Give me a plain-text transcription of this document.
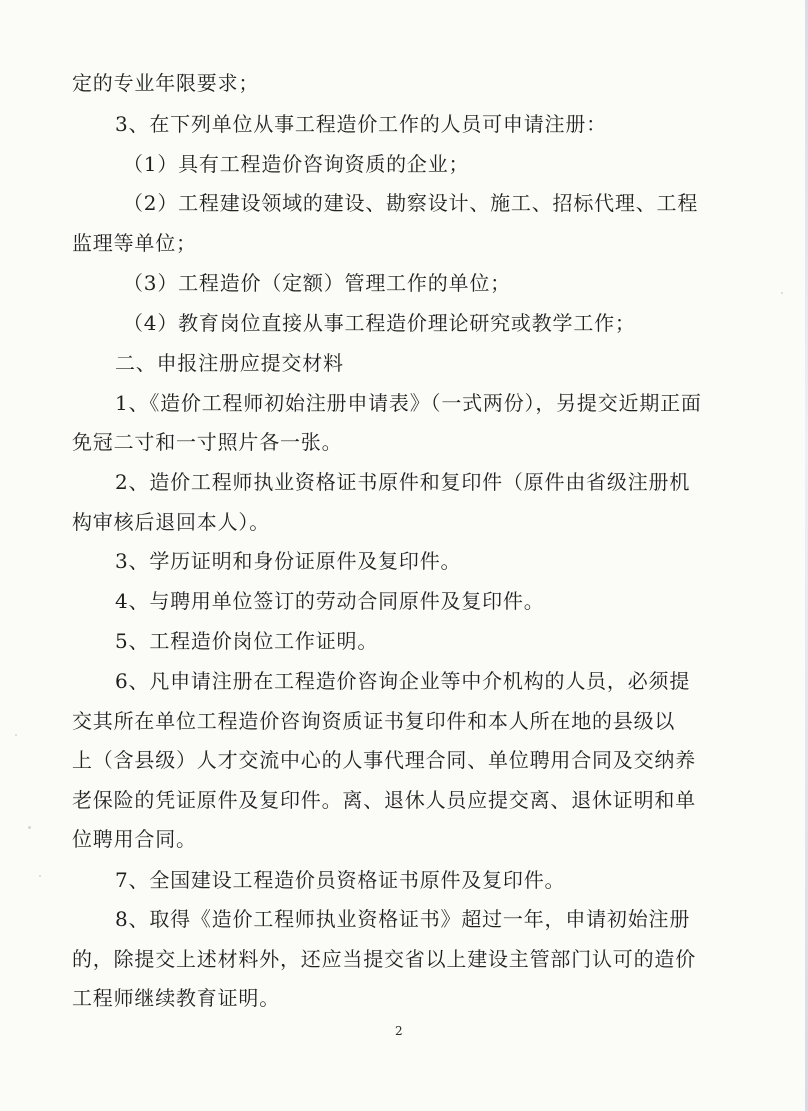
定的专业年限要求；
3、在下列单位从事工程造价工作的人员可申请注册：
（1）具有工程造价咨询资质的企业；
（2）工程建设领域的建设、勘察设计、施工、招标代理、工程
监理等单位；
（3）工程造价（定额）管理工作的单位；
（4）教育岗位直接从事工程造价理论研究或教学工作；
二、申报注册应提交材料
1、《造价工程师初始注册申请表》（一式两份），另提交近期正面
免冠二寸和一寸照片各一张。
2、造价工程师执业资格证书原件和复印件（原件由省级注册机
构审核后退回本人）。
3、学历证明和身份证原件及复印件。
4、与聘用单位签订的劳动合同原件及复印件。
5、工程造价岗位工作证明。
6、凡申请注册在工程造价咨询企业等中介机构的人员，必须提
交其所在单位工程造价咨询资质证书复印件和本人所在地的县级以
上（含县级）人才交流中心的人事代理合同、单位聘用合同及交纳养
老保险的凭证原件及复印件。离、退休人员应提交离、退休证明和单
位聘用合同。
7、全国建设工程造价员资格证书原件及复印件。
8、取得《造价工程师执业资格证书》超过一年，申请初始注册
的，除提交上述材料外，还应当提交省以上建设主管部门认可的造价
工程师继续教育证明。
2
